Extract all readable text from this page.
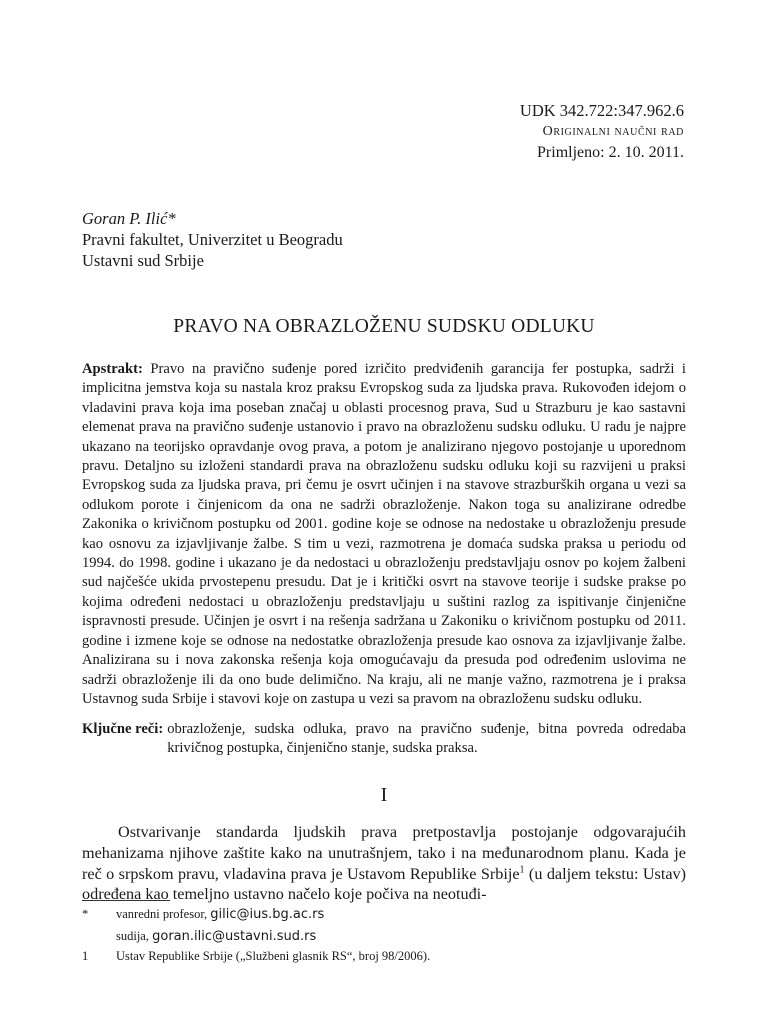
UDK 342.722:347.962.6
Originalni naučni rad
Primljeno: 2. 10. 2011.
Goran P. Ilić*
Pravni fakultet, Univerzitet u Beogradu
Ustavni sud Srbije
PRAVO NA OBRAZLOŽENU SUDSKU ODLUKU

Apstrakt: Pravo na pravično suđenje pored izričito predviđenih garancija fer postupka, sadrži i implicitna jemstva koja su nastala kroz praksu Evropskog suda za ljudska prava. Rukovođen idejom o vladavini prava koja ima poseban značaj u oblasti procesnog prava, Sud u Strazburu je kao sastavni elemenat prava na pravično suđenje ustanovio i pravo na obrazloženu sudsku odluku. U radu je najpre ukazano na teorijsko opravdanje ovog prava, a potom je analizirano njegovo postojanje u uporednom pravu. Detaljno su izloženi standardi prava na obrazloženu sudsku odluku koji su razvijeni u praksi Evropskog suda za ljudska prava, pri čemu je osvrt učinjen i na stavove strazburških organa u vezi sa odlukom porote i činjenicom da ona ne sadrži obrazloženje. Nakon toga su analizirane odredbe Zakonika o krivičnom postupku od 2001. godine koje se odnose na nedostake u obrazloženju presude kao osnovu za izjavljivanje žalbe. S tim u vezi, razmotrena je domaća sudska praksa u periodu od 1994. do 1998. godine i ukazano je da nedostaci u obrazloženju predstavljaju osnov po kojem žalbeni sud najčešće ukida prvostepenu presudu. Dat je i kritički osvrt na stavove teorije i sudske prakse po kojima određeni nedostaci u obrazloženju predstavljaju u suštini razlog za ispitivanje činjenične ispravnosti presude. Učinjen je osvrt i na rešenja sadržana u Zakoniku o krivičnom postupku od 2011. godine i izmene koje se odnose na nedostatke obrazloženja presude kao osnova za izjavljivanje žalbe. Analizirana su i nova zakonska rešenja koja omogućavaju da presuda pod određenim uslovima ne sadrži obrazloženje ili da ono bude delimično. Na kraju, ali ne manje važno, razmotrena je i praksa Ustavnog suda Srbije i stavovi koje on zastupa u vezi sa pravom na obrazloženu sudsku odluku.

Ključne reči: obrazloženje, sudska odluka, pravo na pravično suđenje, bitna povreda odredaba krivičnog postupka, činjenično stanje, sudska praksa.
I

Ostvarivanje standarda ljudskih prava pretpostavlja postojanje odgovarajućih mehanizama njihove zaštite kako na unutrašnjem, tako i na međunarodnom planu. Kada je reč o srpskom pravu, vladavina prava je Ustavom Republike Srbije$^1$ (u daljem tekstu: Ustav) određena kao temeljno ustavno načelo koje počiva na neotuđi-

* vanredni profesor, gilic@ius.bg.ac.rs
sudija, goran.ilic@ustavni.sud.rs
1 Ustav Republike Srbije („Službeni glasnik RS“, broj 98/2006).
